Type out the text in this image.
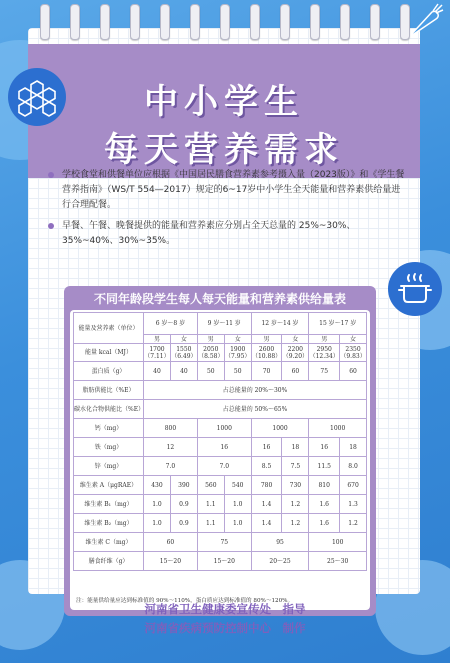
中小学生
每天营养需求
学校食堂和供餐单位应根据《中国居民膳食营养素参考摄入量（2023版）》和《学生餐营养指南》（WS/T 554—2017）规定的6~17岁中小学生全天能量和营养素供给量进行合理配餐。
早餐、午餐、晚餐提供的能量和营养素应分别占全天总量的 25%~30%、35%~40%、30%~35%。
不同年龄段学生每人每天能量和营养素供给量表
能量及营养素（单位）	6 岁～8 岁		9 岁～11 岁		12 岁～14 岁		15 岁～17 岁	
	男	女	男	女	男	女	男	女
能量 kcal（MJ）	1700（7.11）	1550（6.49）	2050（8.58）	1900（7.95）	2600（10.88）	2200（9.20）	2950（12.34）	2350（9.83）
蛋白质（g）	40	40	50	50	70	60	75	60
脂肪供能比（%E）	占总能量的 20%～30%							
碳水化合物供能比（%E）	占总能量的 50%～65%							
钙（mg）	800		1000		1000		1000	
铁（mg）	12		16		16	18	16	18
锌（mg）	7.0		7.0		8.5	7.5	11.5	8.0
维生素 A（μgRAE）	430	390	560	540	780	730	810	670
维生素 B₁（mg）	1.0	0.9	1.1	1.0	1.4	1.2	1.6	1.3
维生素 B₂（mg）	1.0	0.9	1.1	1.0	1.4	1.2	1.6	1.2
维生素 C（mg）	60		75		95		100	
膳食纤维（g）	15～20		15～20		20～25		25～30	
注：能量供给量应达到标准值的 90%～110%，蛋白质应达到标准值的 80%～120%。
河南省卫生健康委宣传处　指导
河南省疾病预防控制中心　制作
